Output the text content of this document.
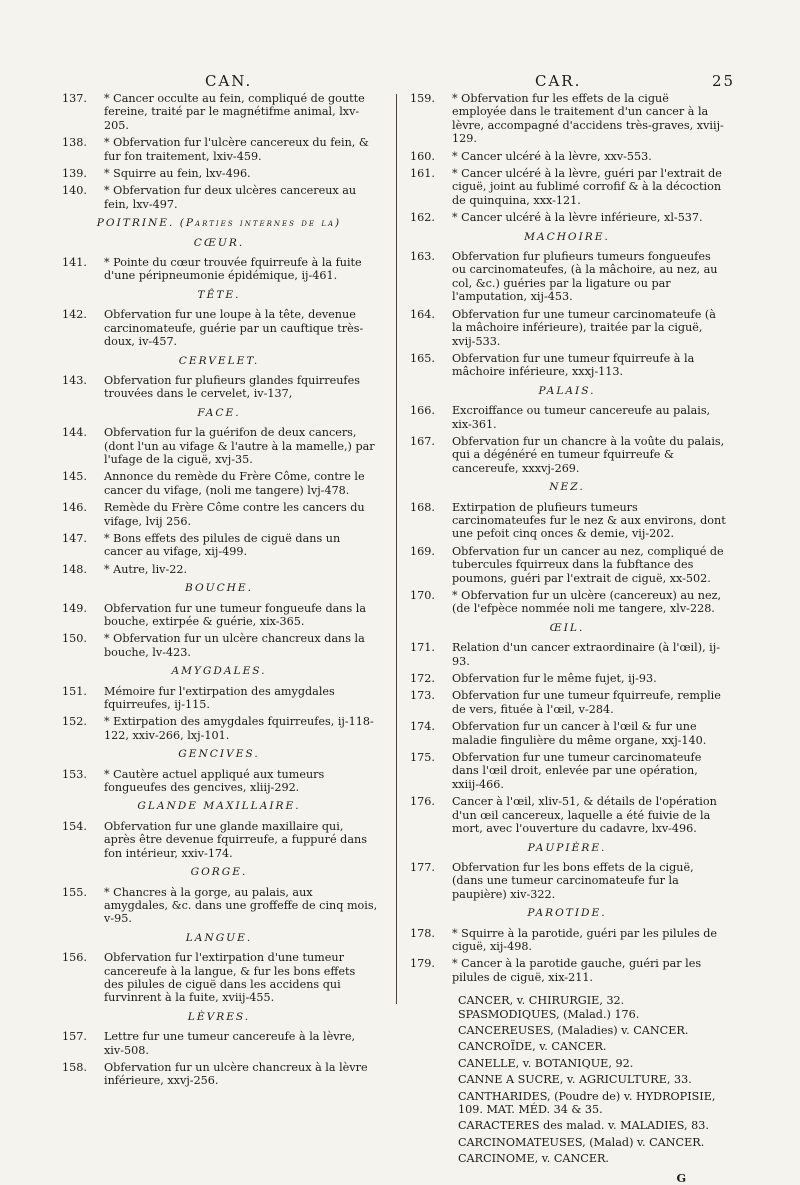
CAN.	CAR.	25
137.	* Cancer occulte au fein, compliqué de goutte fereine, traité par le magnétifme animal, lxv-205.
138.	* Obfervation fur l'ulcère cancereux du fein, & fur fon traitement, lxiv-459.
139.	* Squirre au fein, lxv-496.
140.	* Obfervation fur deux ulcères cancereux au fein, lxv-497.
POITRINE. (Parties internes de la)
CŒUR.
141.	* Pointe du cœur trouvée fquirreufe à la fuite d'une péripneumonie épidémique, ij-461.
TÊTE.
142.	Obfervation fur une loupe à la tête, devenue carcinomateufe, guérie par un cauftique très-doux, iv-457.
CERVELET.
143.	Obfervation fur plufieurs glandes fquirreufes trouvées dans le cervelet, iv-137,
FACE.
144.	Obfervation fur la guérifon de deux cancers, (dont l'un au vifage & l'autre à la mamelle,) par l'ufage de la ciguë, xvj-35.
145.	Annonce du remède du Frère Côme, contre le cancer du vifage, (noli me tangere) lvj-478.
146.	Remède du Frère Côme contre les cancers du vifage, lvij 256.
147.	* Bons effets des pilules de ciguë dans un cancer au vifage, xij-499.
148.	* Autre, liv-22.
BOUCHE.
149.	Obfervation fur une tumeur fongueufe dans la bouche, extirpée & guérie, xix-365.
150.	* Obfervation fur un ulcère chancreux dans la bouche, lv-423.
AMYGDALES.
151.	Mémoire fur l'extirpation des amygdales fquirreufes, ij-115.
152.	* Extirpation des amygdales fquirreufes, ij-118-122, xxiv-266, lxj-101.
GENCIVES.
153.	* Cautère actuel appliqué aux tumeurs fongueufes des gencives, xliij-292.
GLANDE MAXILLAIRE.
154.	Obfervation fur une glande maxillaire qui, après être devenue fquirreufe, a fuppuré dans fon intérieur, xxiv-174.
GORGE.
155.	* Chancres à la gorge, au palais, aux amygdales, &c. dans une groffeffe de cinq mois, v-95.
LANGUE.
156.	Obfervation fur l'extirpation d'une tumeur cancereufe à la langue, & fur les bons effets des pilules de ciguë dans les accidens qui furvinrent à la fuite, xviij-455.
LÈVRES.
157.	Lettre fur une tumeur cancereufe à la lèvre, xiv-508.
158.	Obfervation fur un ulcère chancreux à la lèvre inférieure, xxvj-256.
159.	* Obfervation fur les effets de la ciguë employée dans le traitement d'un cancer à la lèvre, accompagné d'accidens très-graves, xviij-129.
160.	* Cancer ulcéré à la lèvre, xxv-553.
161.	* Cancer ulcéré à la lèvre, guéri par l'extrait de ciguë, joint au fublimé corrofif & à la décoction de quinquina, xxx-121.
162.	* Cancer ulcéré à la lèvre inférieure, xl-537.
MACHOIRE.
163.	Obfervation fur plufieurs tumeurs fongueufes ou carcinomateufes, (à la mâchoire, au nez, au col, &c.) guéries par la ligature ou par l'amputation, xij-453.
164.	Obfervation fur une tumeur carcinomateufe (à la mâchoire inférieure), traitée par la ciguë, xvij-533.
165.	Obfervation fur une tumeur fquirreufe à la mâchoire inférieure, xxxj-113.
PALAIS.
166.	Excroiffance ou tumeur cancereufe au palais, xix-361.
167.	Obfervation fur un chancre à la voûte du palais, qui a dégénéré en tumeur fquirreufe & cancereufe, xxxvj-269.
NEZ.
168.	Extirpation de plufieurs tumeurs carcinomateufes fur le nez & aux environs, dont une pefoit cinq onces & demie, vij-202.
169.	Obfervation fur un cancer au nez, compliqué de tubercules fquirreux dans la fubftance des poumons, guéri par l'extrait de ciguë, xx-502.
170.	* Obfervation fur un ulcère (cancereux) au nez, (de l'efpèce nommée noli me tangere, xlv-228.
ŒIL.
171.	Relation d'un cancer extraordinaire (à l'œil), ij-93.
172.	Obfervation fur le même fujet, ij-93.
173.	Obfervation fur une tumeur fquirreufe, remplie de vers, fituée à l'œil, v-284.
174.	Obfervation fur un cancer à l'œil & fur une maladie fingulière du même organe, xxj-140.
175.	Obfervation fur une tumeur carcinomateufe dans l'œil droit, enlevée par une opération, xxiij-466.
176.	Cancer à l'œil, xliv-51, & détails de l'opération d'un œil cancereux, laquelle a été fuivie de la mort, avec l'ouverture du cadavre, lxv-496.
PAUPIÈRE.
177.	Obfervation fur les bons effets de la ciguë, (dans une tumeur carcinomateufe fur la paupière) xiv-322.
PAROTIDE.
178.	* Squirre à la parotide, guéri par les pilules de ciguë, xij-498.
179.	* Cancer à la parotide gauche, guéri par les pilules de ciguë, xix-211.
CANCER, v. CHIRURGIE, 32. SPASMODIQUES, (Malad.) 176.
CANCEREUSES, (Maladies) v. CANCER.
CANCROÏDE, v. CANCER.
CANELLE, v. BOTANIQUE, 92.
CANNE A SUCRE, v. AGRICULTURE, 33.
CANTHARIDES, (Poudre de) v. HYDROPISIE, 109. MAT. MÉD. 34 & 35.
CARACTERES des malad. v. MALADIES, 83.
CARCINOMATEUSES, (Malad) v. CANCER.
CARCINOME, v. CANCER.
G
